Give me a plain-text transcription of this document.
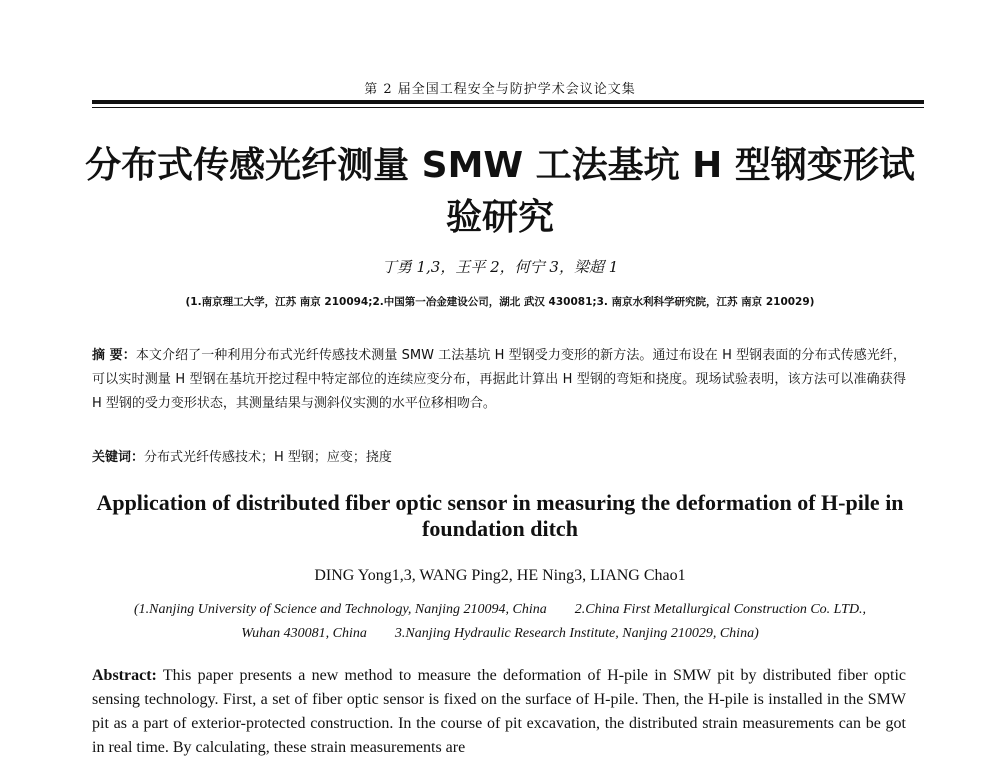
第 2 届全国工程安全与防护学术会议论文集
分布式传感光纤测量 SMW 工法基坑 H 型钢变形试验研究
丁勇 1,3，王平 2，何宁 3，梁超 1
(1.南京理工大学，江苏 南京 210094;2.中国第一冶金建设公司，湖北 武汉 430081;3. 南京水利科学研究院，江苏 南京 210029)
摘 要：本文介绍了一种利用分布式光纤传感技术测量 SMW 工法基坑 H 型钢受力变形的新方法。通过布设在 H 型钢表面的分布式传感光纤，可以实时测量 H 型钢在基坑开挖过程中特定部位的连续应变分布，再据此计算出 H 型钢的弯矩和挠度。现场试验表明，该方法可以准确获得 H 型钢的受力变形状态，其测量结果与测斜仪实测的水平位移相吻合。
关键词：分布式光纤传感技术；H 型钢；应变；挠度
Application of distributed fiber optic sensor in measuring the deformation of H-pile in foundation ditch
DING Yong1,3, WANG Ping2, HE Ning3, LIANG Chao1
(1.Nanjing University of Science and Technology, Nanjing 210094, China 2.China First Metallurgical Construction Co. LTD.,
Wuhan 430081, China 3.Nanjing Hydraulic Research Institute, Nanjing 210029, China)
Abstract: This paper presents a new method to measure the deformation of H-pile in SMW pit by distributed fiber optic sensing technology. First, a set of fiber optic sensor is fixed on the surface of H-pile. Then, the H-pile is installed in the SMW pit as a part of exterior-protected construction. In the course of pit excavation, the distributed strain measurements can be got in real time. By calculating, these strain measurements are
